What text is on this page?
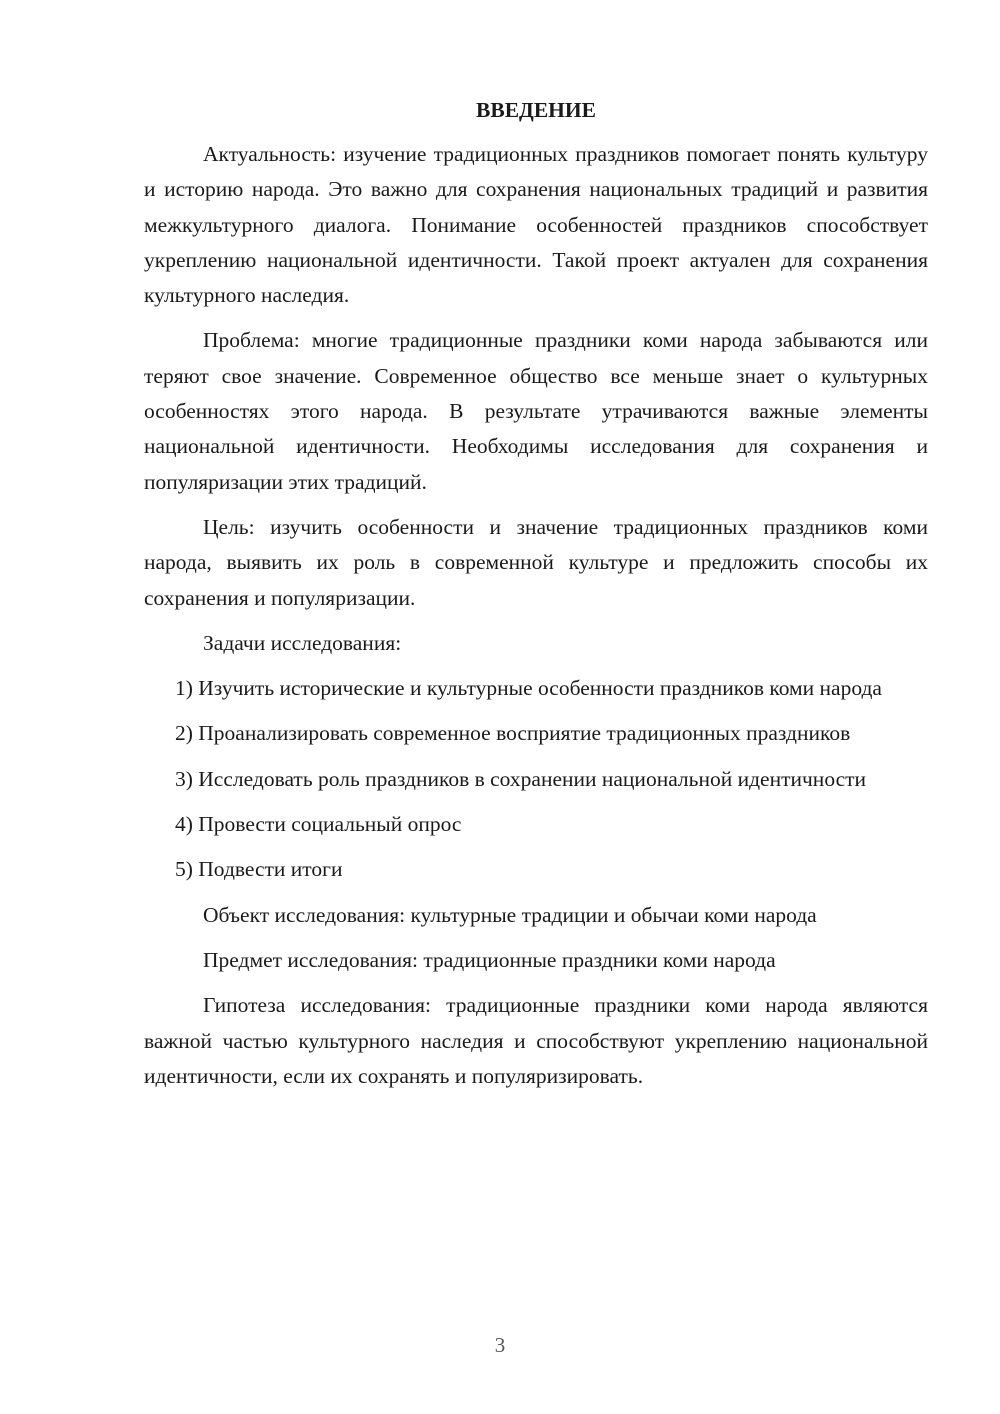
ВВЕДЕНИЕ

Актуальность: изучение традиционных праздников помогает понять культуру и историю народа. Это важно для сохранения национальных традиций и развития межкультурного диалога. Понимание особенностей праздников способствует укреплению национальной идентичности. Такой проект актуален для сохранения культурного наследия.

Проблема: многие традиционные праздники коми народа забываются или теряют свое значение. Современное общество все меньше знает о культурных особенностях этого народа. В результате утрачиваются важные элементы национальной идентичности. Необходимы исследования для сохранения и популяризации этих традиций.

Цель: изучить особенности и значение традиционных праздников коми народа, выявить их роль в современной культуре и предложить способы их сохранения и популяризации.

Задачи исследования:

1) Изучить исторические и культурные особенности праздников коми народа

2) Проанализировать современное восприятие традиционных праздников

3) Исследовать роль праздников в сохранении национальной идентичности

4) Провести социальный опрос

5) Подвести итоги

Объект исследования: культурные традиции и обычаи коми народа

Предмет исследования: традиционные праздники коми народа

Гипотеза исследования: традиционные праздники коми народа являются важной частью культурного наследия и способствуют укреплению национальной идентичности, если их сохранять и популяризировать.

3
